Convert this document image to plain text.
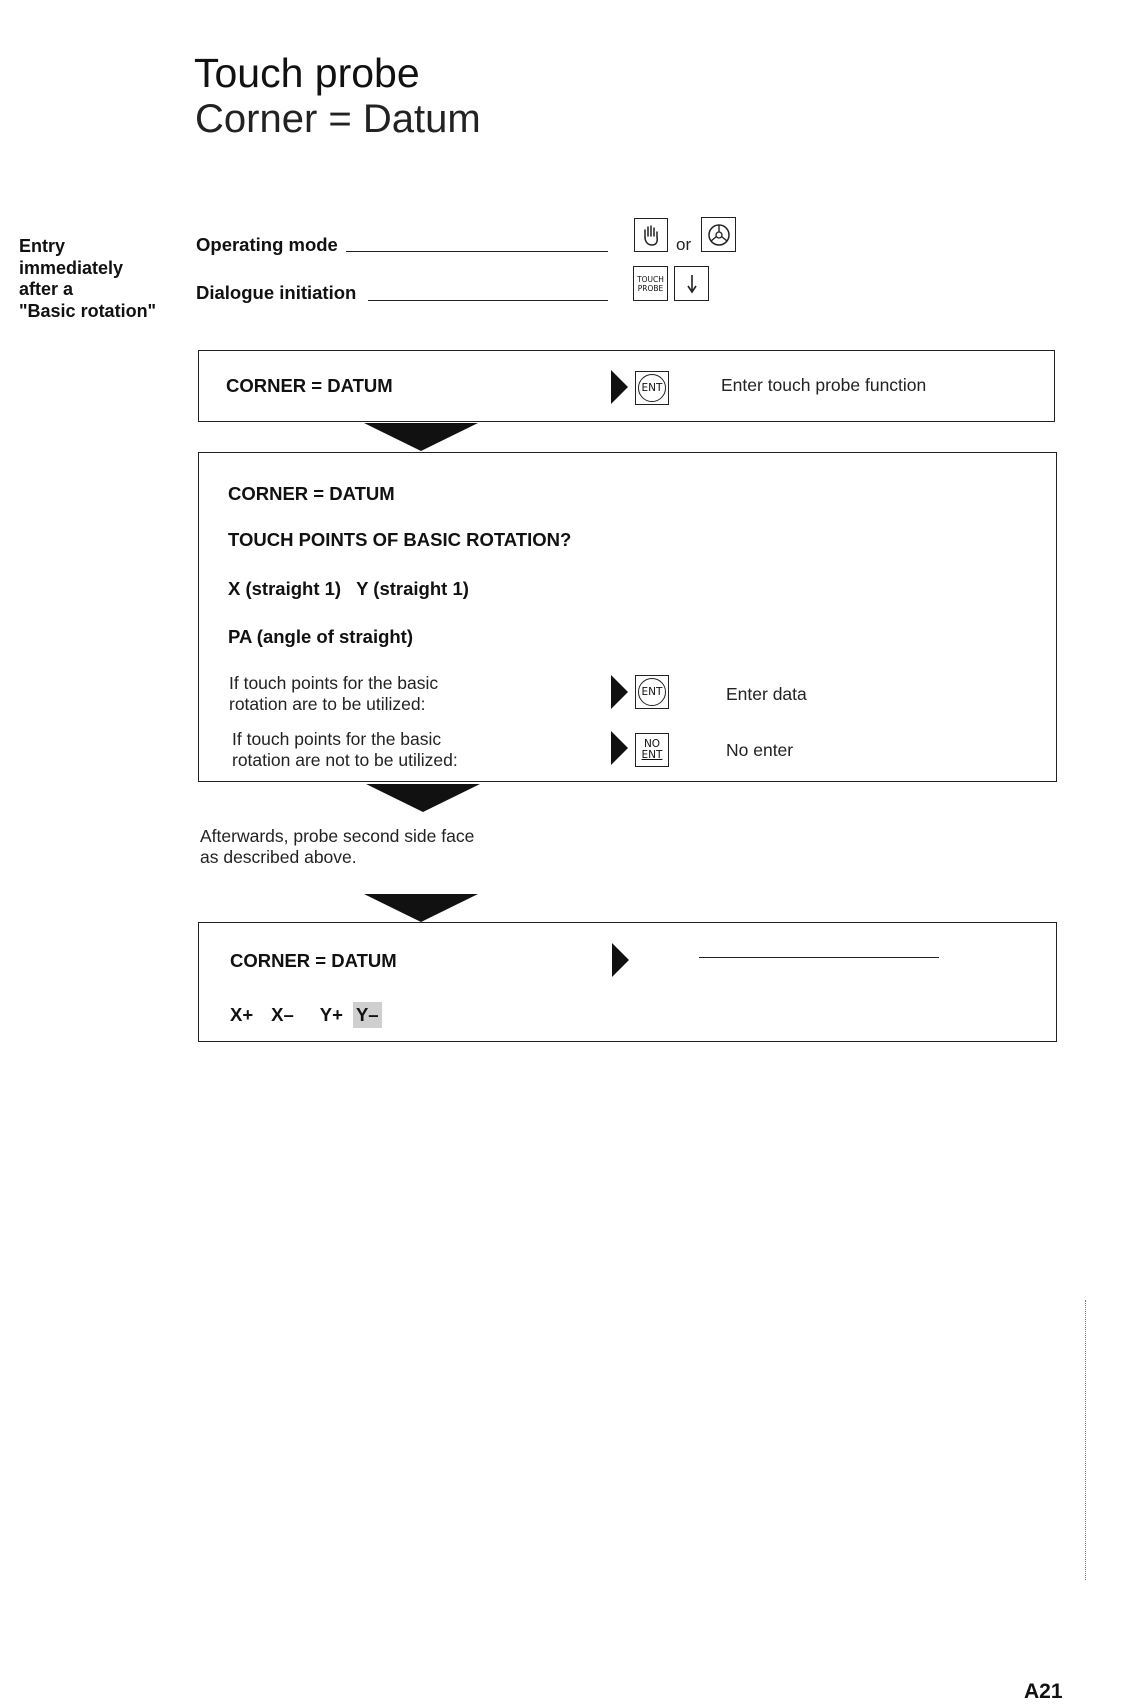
Touch probe
Corner = Datum
Entry
immediately
after a
"Basic rotation"
Operating mode	or
Dialogue initiation
TOUCH
PROBE
CORNER = DATUM	ENT	Enter touch probe function
CORNER = DATUM
TOUCH POINTS OF BASIC ROTATION?
X (straight 1)   Y (straight 1)
PA (angle of straight)
If touch points for the basic
rotation are to be utilized:
ENT	Enter data
If touch points for the basic
rotation are not to be utilized:
NO
ENT	No enter
Afterwards, probe second side face
as described above.
CORNER = DATUM
X+ X– Y+ Y–
A21
